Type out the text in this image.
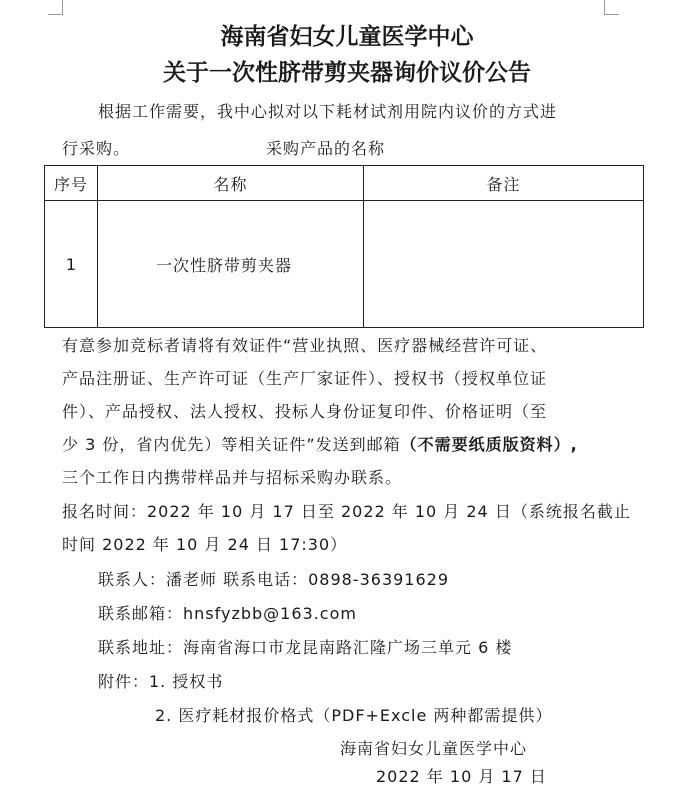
海南省妇女儿童医学中心
关于一次性脐带剪夹器询价议价公告
根据工作需要，我中心拟对以下耗材试剂用院内议价的方式进
行采购。	采购产品的名称
序号	名称	备注
1	一次性脐带剪夹器	
有意参加竞标者请将有效证件“营业执照、医疗器械经营许可证、
产品注册证、生产许可证（生产厂家证件）、授权书（授权单位证
件）、产品授权、法人授权、投标人身份证复印件、价格证明（至
少 3 份，省内优先）等相关证件”发送到邮箱（不需要纸质版资料）,
三个工作日内携带样品并与招标采购办联系。
报名时间：2022 年 10 月 17 日至 2022 年 10 月 24 日（系统报名截止
时间 2022 年 10 月 24 日 17:30）
联系人：潘老师 联系电话：0898-36391629
联系邮箱：hnsfyzbb@163.com
联系地址：海南省海口市龙昆南路汇隆广场三单元 6 楼
附件：1. 授权书
2. 医疗耗材报价格式（PDF+Excle 两种都需提供）
海南省妇女儿童医学中心
2022 年 10 月 17 日
